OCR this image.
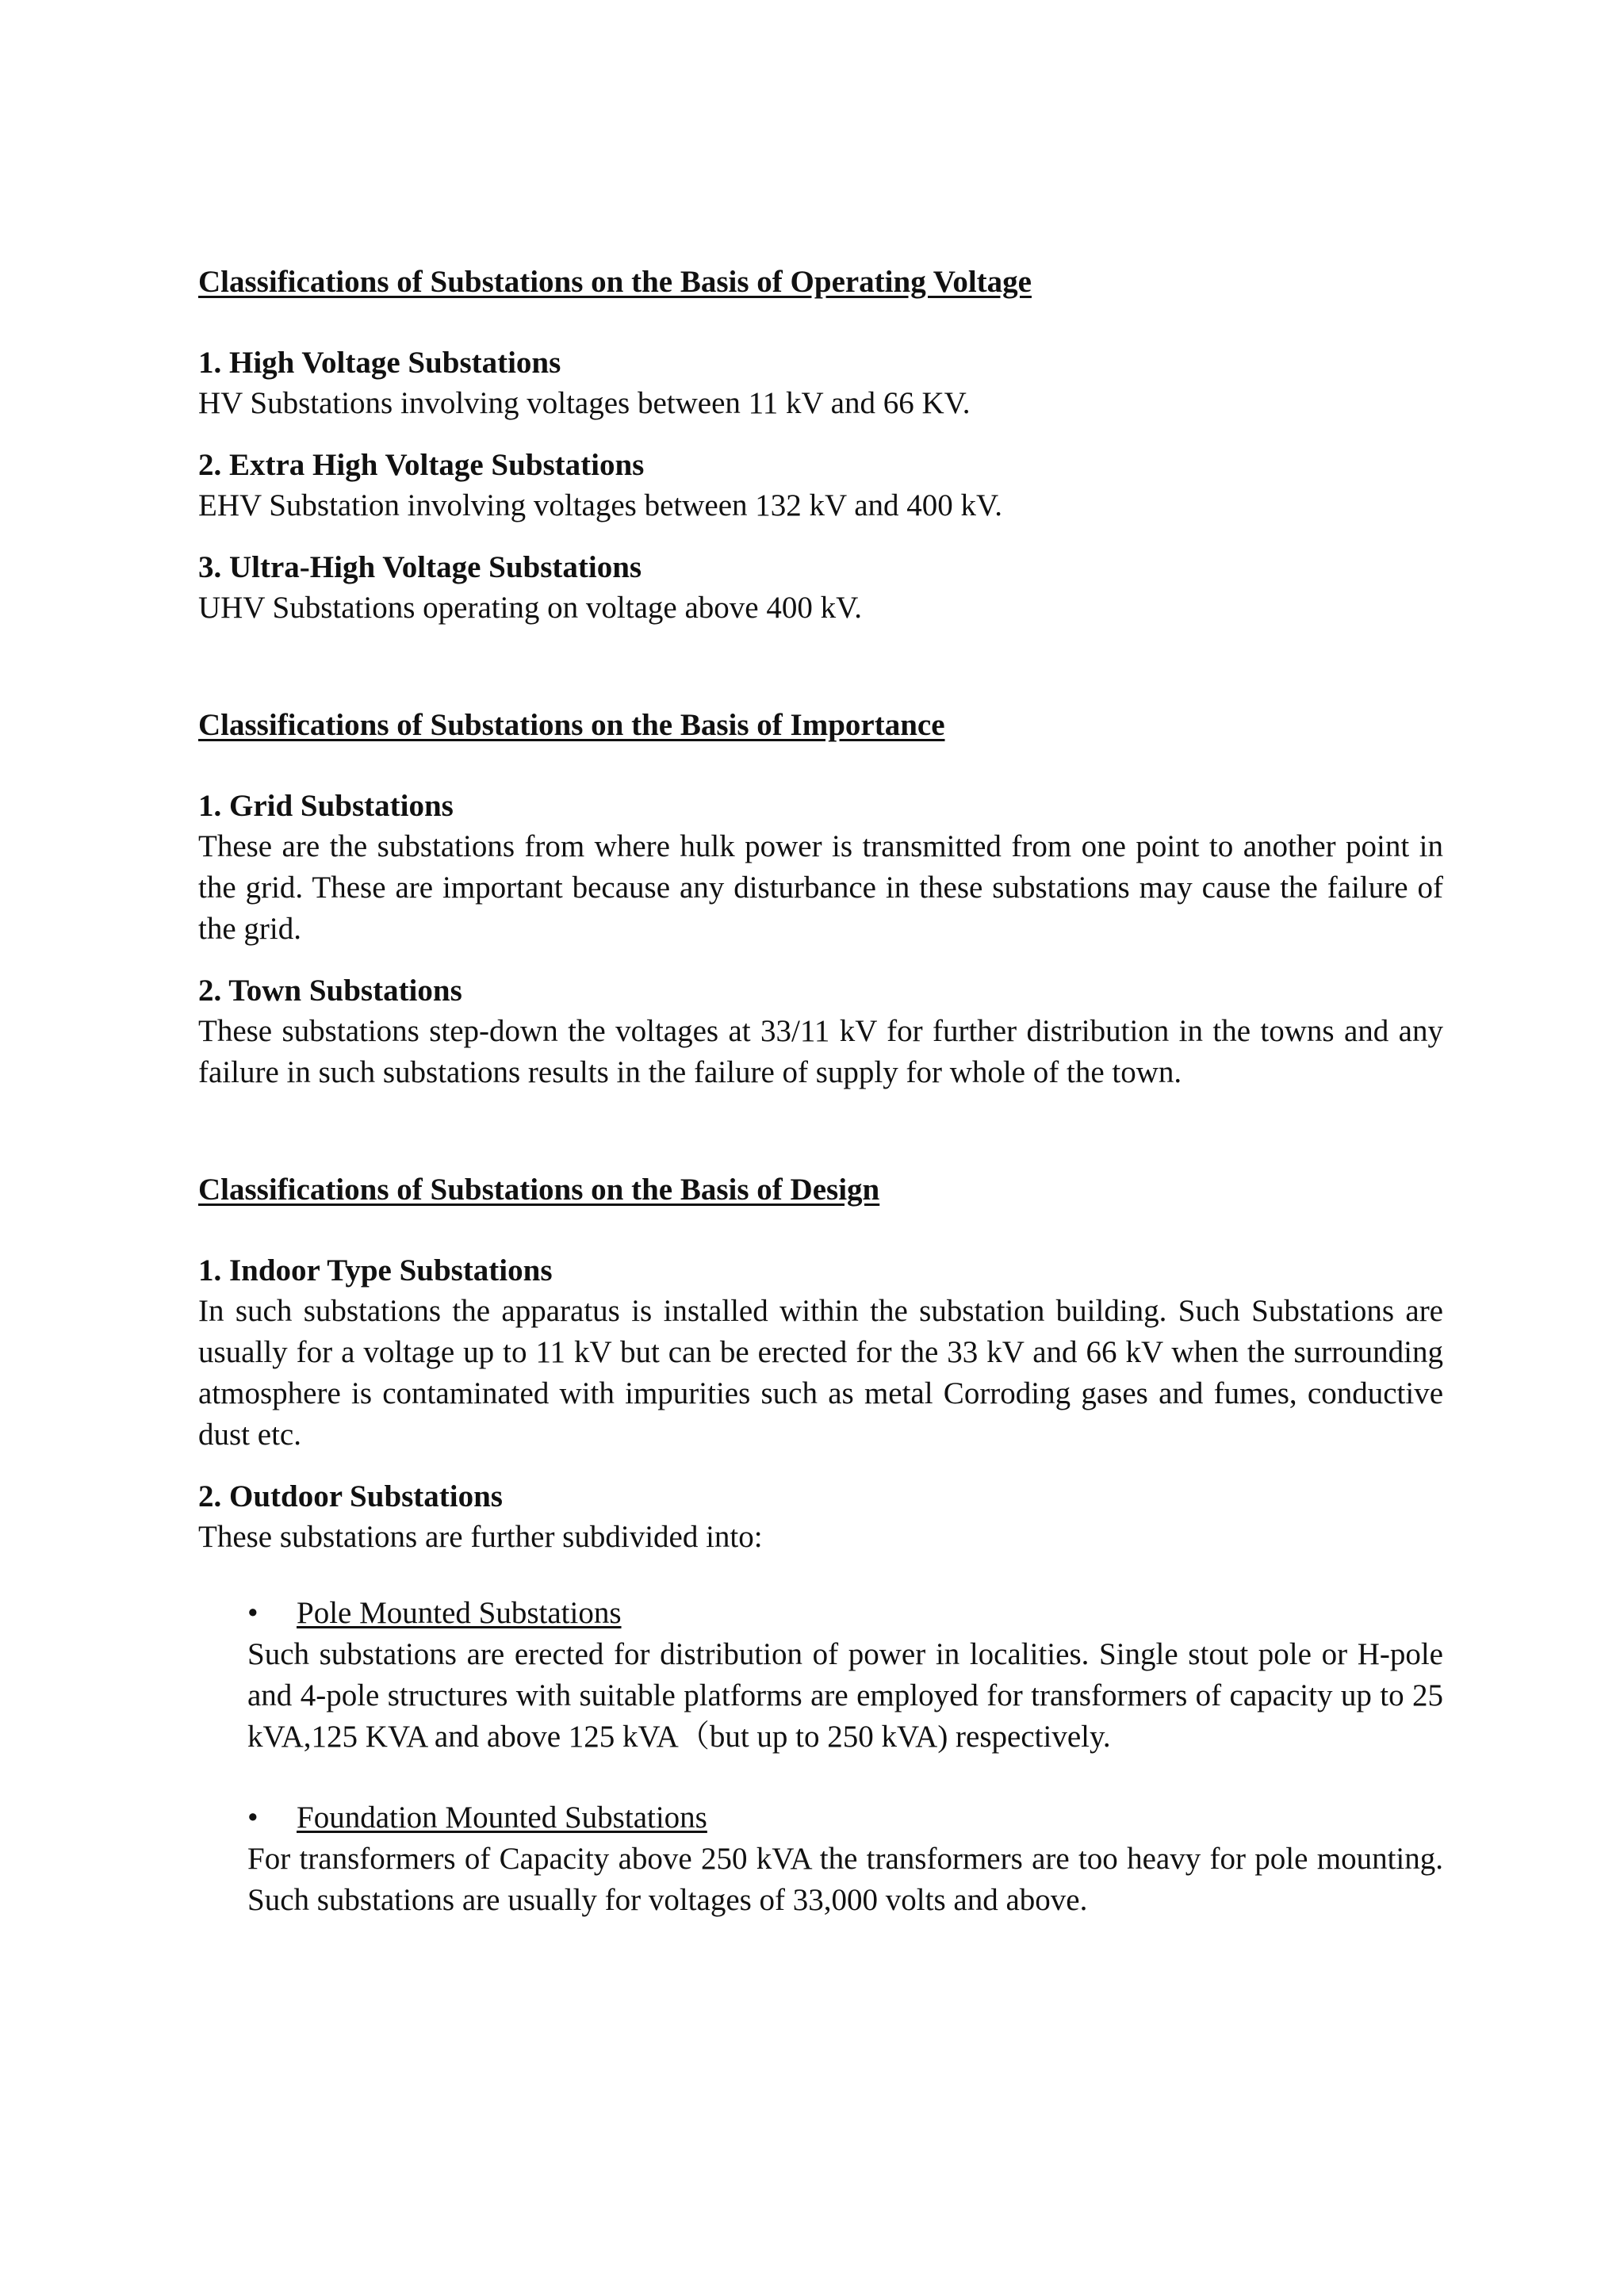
Classifications of Substations on the Basis of Operating Voltage
1. High Voltage Substations
HV Substations involving voltages between 11 kV and 66 KV.
2. Extra High Voltage Substations
EHV Substation involving voltages between 132 kV and 400 kV.
3. Ultra-High Voltage Substations
UHV Substations operating on voltage above 400 kV.
Classifications of Substations on the Basis of Importance
1. Grid Substations
These are the substations from where hulk power is transmitted from one point to another point in the grid. These are important because any disturbance in these substations may cause the failure of the grid.
2. Town Substations
These substations step-down the voltages at 33/11 kV for further distribution in the towns and any failure in such substations results in the failure of supply for whole of the town.
Classifications of Substations on the Basis of Design
1. Indoor Type Substations
In such substations the apparatus is installed within the substation building. Such Substations are usually for a voltage up to 11 kV but can be erected for the 33 kV and 66 kV when the surrounding atmosphere is contaminated with impurities such as metal Corroding gases and fumes, conductive dust etc.
2. Outdoor Substations
These substations are further subdivided into:
• Pole Mounted Substations
Such substations are erected for distribution of power in localities. Single stout pole or H-pole and 4-pole structures with suitable platforms are employed for transformers of capacity up to 25 kVA,125 KVA and above 125 kVA（but up to 250 kVA) respectively.
• Foundation Mounted Substations
For transformers of Capacity above 250 kVA the transformers are too heavy for pole mounting. Such substations are usually for voltages of 33,000 volts and above.
